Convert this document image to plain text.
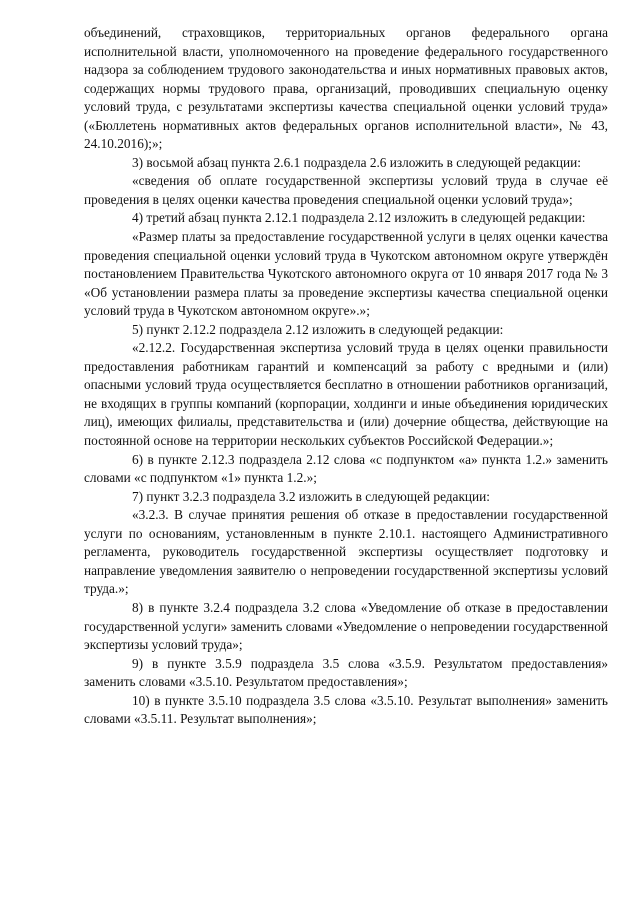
объединений, страховщиков, территориальных органов федерального органа исполнительной власти, уполномоченного на проведение федерального государственного надзора за соблюдением трудового законодательства и иных нормативных правовых актов, содержащих нормы трудового права, организаций, проводивших специальную оценку условий труда, с результатами экспертизы качества специальной оценки условий труда» («Бюллетень нормативных актов федеральных органов исполнительной власти», № 43, 24.10.2016);»;

3) восьмой абзац пункта 2.6.1 подраздела 2.6 изложить в следующей редакции:

«сведения об оплате государственной экспертизы условий труда в случае её проведения в целях оценки качества проведения специальной оценки условий труда»;

4) третий абзац пункта 2.12.1 подраздела 2.12 изложить в следующей редакции:

«Размер платы за предоставление государственной услуги в целях оценки качества проведения специальной оценки условий труда в Чукотском автономном округе утверждён постановлением Правительства Чукотского автономного округа от 10 января 2017 года № 3 «Об установлении размера платы за проведение экспертизы качества специальной оценки условий труда в Чукотском автономном округе».»;

5) пункт 2.12.2 подраздела 2.12 изложить в следующей редакции:

«2.12.2. Государственная экспертиза условий труда в целях оценки правильности предоставления работникам гарантий и компенсаций за работу с вредными и (или) опасными условий труда осуществляется бесплатно в отношении работников организаций, не входящих в группы компаний (корпорации, холдинги и иные объединения юридических лиц), имеющих филиалы, представительства и (или) дочерние общества, действующие на постоянной основе на территории нескольких субъектов Российской Федерации.»;

6) в пункте 2.12.3 подраздела 2.12 слова «с подпунктом «а» пункта 1.2.» заменить словами «с подпунктом «1» пункта 1.2.»;

7) пункт 3.2.3 подраздела 3.2 изложить в следующей редакции:

«3.2.3. В случае принятия решения об отказе в предоставлении государственной услуги по основаниям, установленным в пункте 2.10.1. настоящего Административного регламента, руководитель государственной экспертизы осуществляет подготовку и направление уведомления заявителю о непроведении государственной экспертизы условий труда.»;

8) в пункте 3.2.4 подраздела 3.2 слова «Уведомление об отказе в предоставлении государственной услуги» заменить словами «Уведомление о непроведении государственной экспертизы условий труда»;

9) в пункте 3.5.9 подраздела 3.5 слова «3.5.9. Результатом предоставления» заменить словами «3.5.10. Результатом предоставления»;

10) в пункте 3.5.10 подраздела 3.5 слова «3.5.10. Результат выполнения» заменить словами «3.5.11. Результат выполнения»;
